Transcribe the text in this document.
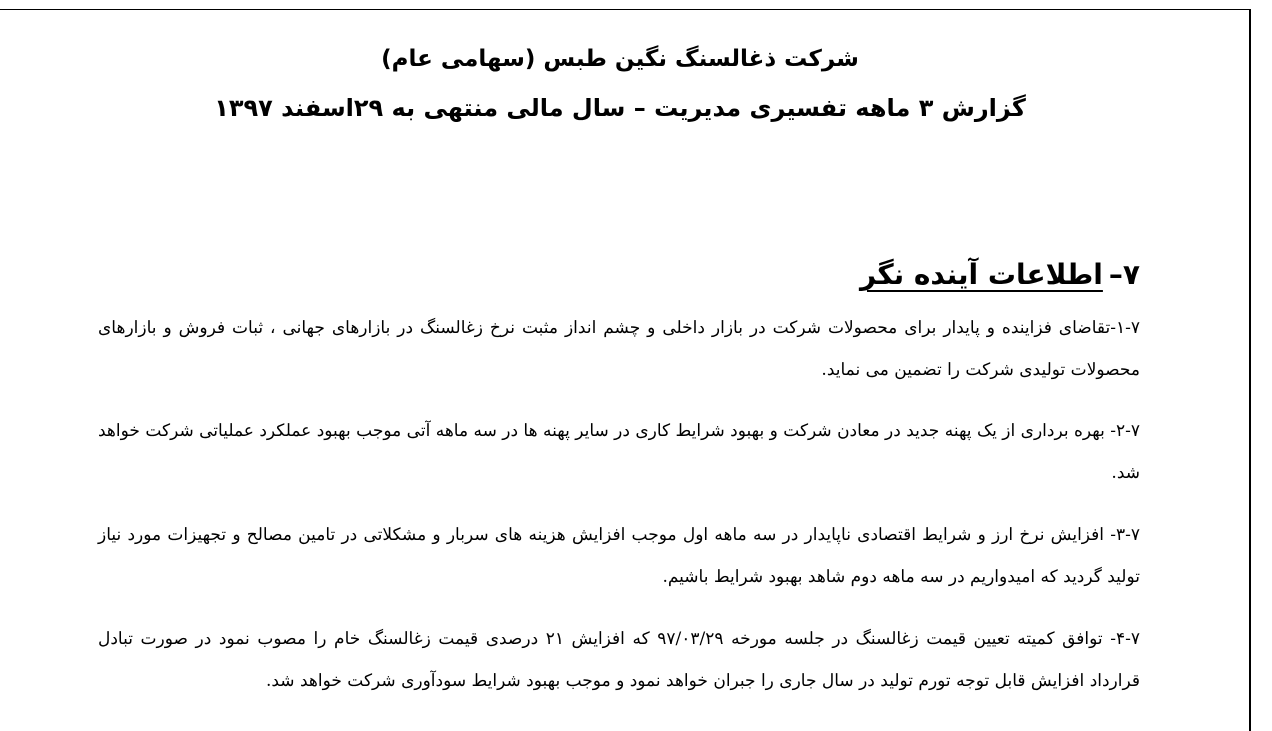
شرکت ذغالسنگ نگین طبس (سهامی عام)
گزارش ۳ ماهه تفسیری مدیریت – سال مالی منتهی به ۲۹اسفند ۱۳۹۷
۷–اطلاعات آینده نگر

۱-۷-تقاضای فزاینده و پایدار برای محصولات شرکت در بازار داخلی و چشم انداز مثبت نرخ زغالسنگ در بازارهای جهانی ، ثبات فروش و بازارهای محصولات تولیدی شرکت را تضمین می نماید.

۲-۷- بهره برداری از یک پهنه جدید در معادن شرکت و بهبود شرایط کاری در سایر پهنه ها در سه ماهه آتی موجب بهبود عملکرد عملیاتی شرکت خواهد شد.

۳-۷- افزایش نرخ ارز و شرایط اقتصادی ناپایدار در سه ماهه اول موجب افزایش هزینه های سربار و مشکلاتی در تامین مصالح و تجهیزات مورد نیاز تولید گردید که امیدواریم در سه ماهه دوم شاهد بهبود شرایط باشیم.

۴-۷- توافق کمیته تعیین قیمت زغالسنگ در جلسه مورخه ۹۷/۰۳/۲۹ که افزایش ۲۱ درصدی قیمت زغالسنگ خام را مصوب نمود در صورت تبادل قرارداد افزایش قابل توجه تورم تولید در سال جاری را جبران خواهد نمود و موجب بهبود شرایط سودآوری شرکت خواهد شد.
